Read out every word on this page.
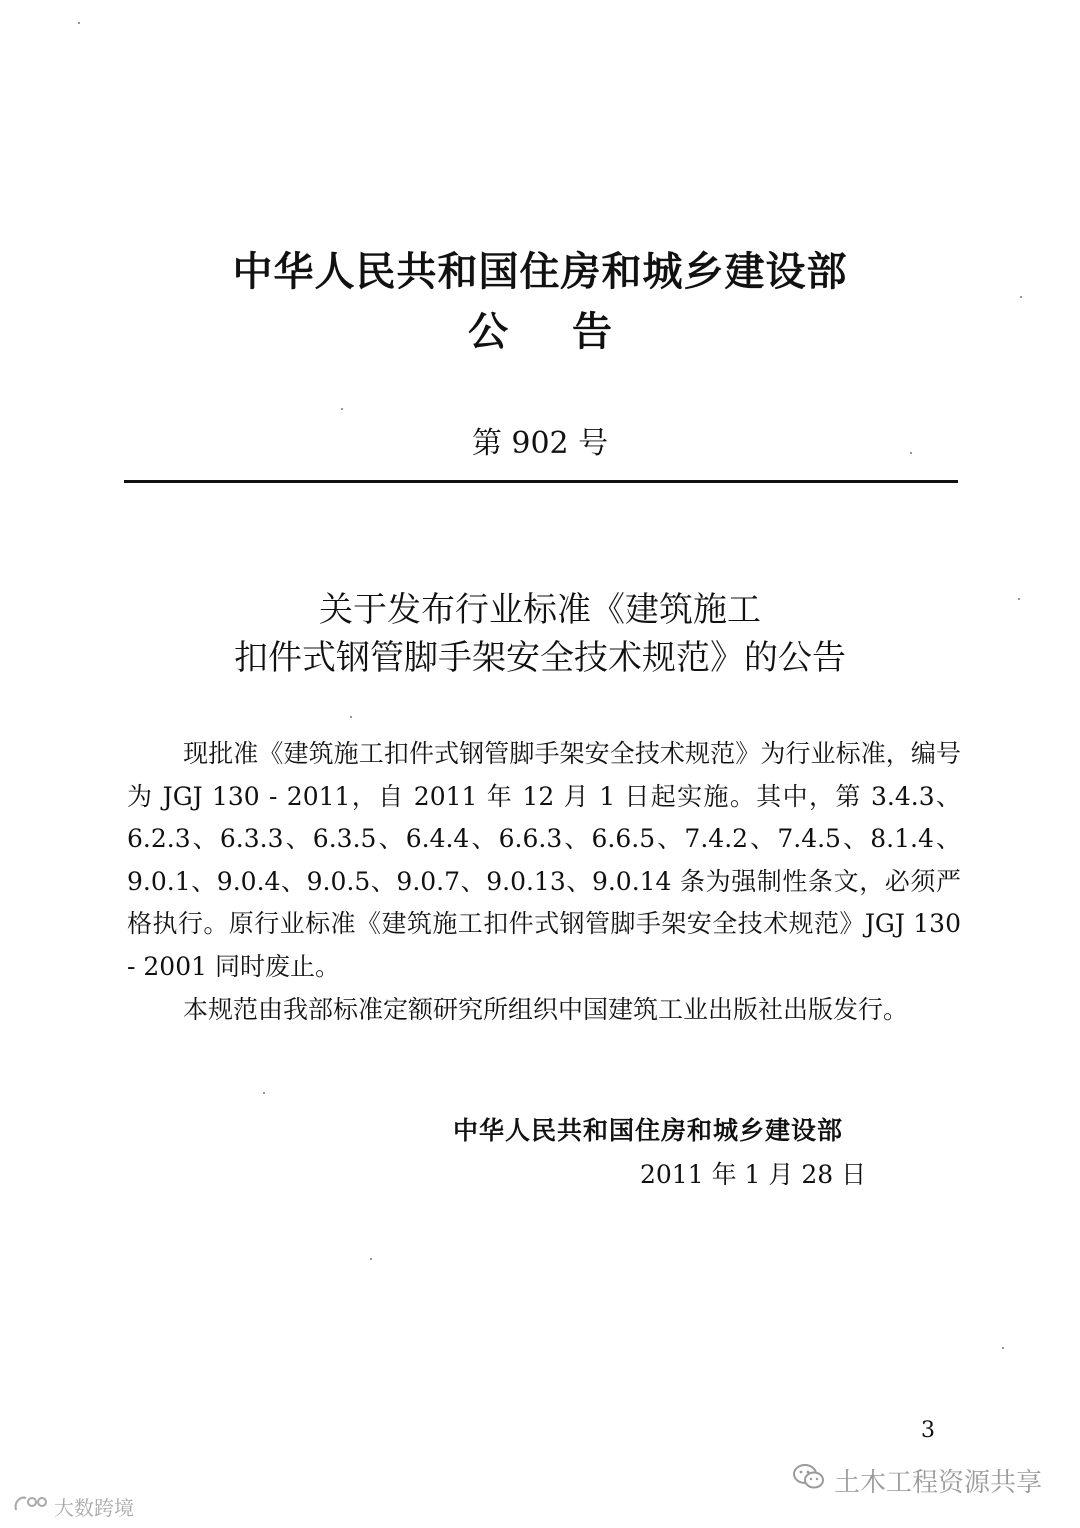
中华人民共和国住房和城乡建设部
公告
第 902 号
关于发布行业标准《建筑施工
扣件式钢管脚手架安全技术规范》的公告
现批准《建筑施工扣件式钢管脚手架安全技术规范》为行业标准，编号为 JGJ 130 - 2011，自 2011 年 12 月 1 日起实施。其中，第 3.4.3、6.2.3、6.3.3、6.3.5、6.4.4、6.6.3、6.6.5、7.4.2、7.4.5、8.1.4、9.0.1、9.0.4、9.0.5、9.0.7、9.0.13、9.0.14 条为强制性条文，必须严格执行。原行业标准《建筑施工扣件式钢管脚手架安全技术规范》JGJ 130 - 2001 同时废止。
本规范由我部标准定额研究所组织中国建筑工业出版社出版发行。
中华人民共和国住房和城乡建设部
2011 年 1 月 28 日
3
土木工程资源共享
大数跨境
